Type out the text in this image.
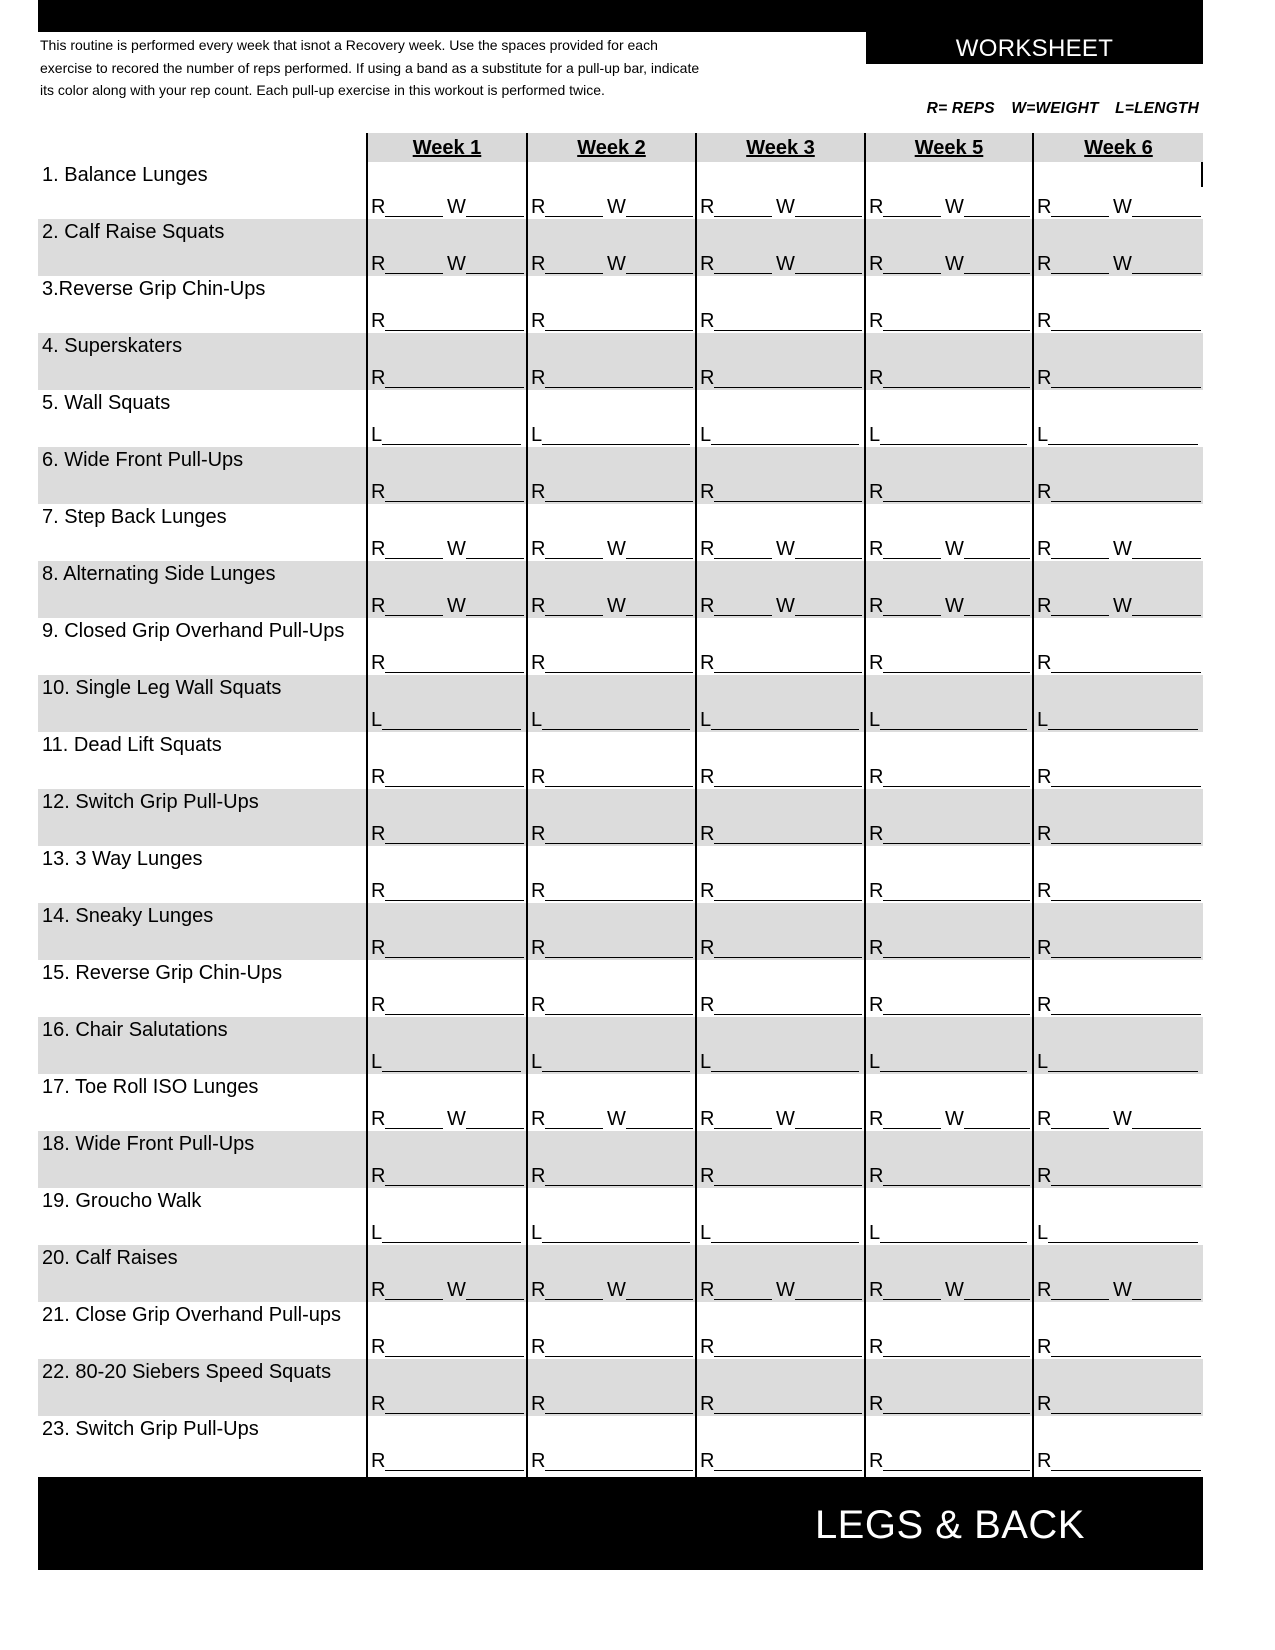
WORKSHEET
This routine is performed every week that isnot a Recovery week. Use the spaces provided for each exercise to recored the number of reps performed. If using a band as a substitute for a pull-up bar, indicate its color along with your rep count. Each pull-up exercise in this workout is performed twice.
R= REPS W=WEIGHT L=LENGTH
Week 1	Week 2	Week 3	Week 5	Week 6
1. Balance Lunges
R	W	R	W	R	W	R	W	R	W
2. Calf Raise Squats
R	W	R	W	R	W	R	W	R	W
3.Reverse Grip Chin-Ups
R	R	R	R	R
4. Superskaters
R	R	R	R	R
5. Wall Squats
L	L	L	L	L
6. Wide Front Pull-Ups
R	R	R	R	R
7. Step Back Lunges
R	W	R	W	R	W	R	W	R	W
8. Alternating Side Lunges
R	W	R	W	R	W	R	W	R	W
9. Closed Grip Overhand Pull-Ups
R	R	R	R	R
10. Single Leg Wall Squats
L	L	L	L	L
11. Dead Lift Squats
R	R	R	R	R
12. Switch Grip Pull-Ups
R	R	R	R	R
13. 3 Way Lunges
R	R	R	R	R
14. Sneaky Lunges
R	R	R	R	R
15. Reverse Grip Chin-Ups
R	R	R	R	R
16. Chair Salutations
L	L	L	L	L
17. Toe Roll ISO Lunges
R	W	R	W	R	W	R	W	R	W
18. Wide Front Pull-Ups
R	R	R	R	R
19. Groucho Walk
L	L	L	L	L
20. Calf Raises
R	W	R	W	R	W	R	W	R	W
21. Close Grip Overhand Pull-ups
R	R	R	R	R
22. 80-20 Siebers Speed Squats
R	R	R	R	R
23. Switch Grip Pull-Ups
R	R	R	R	R
LEGS & BACK
